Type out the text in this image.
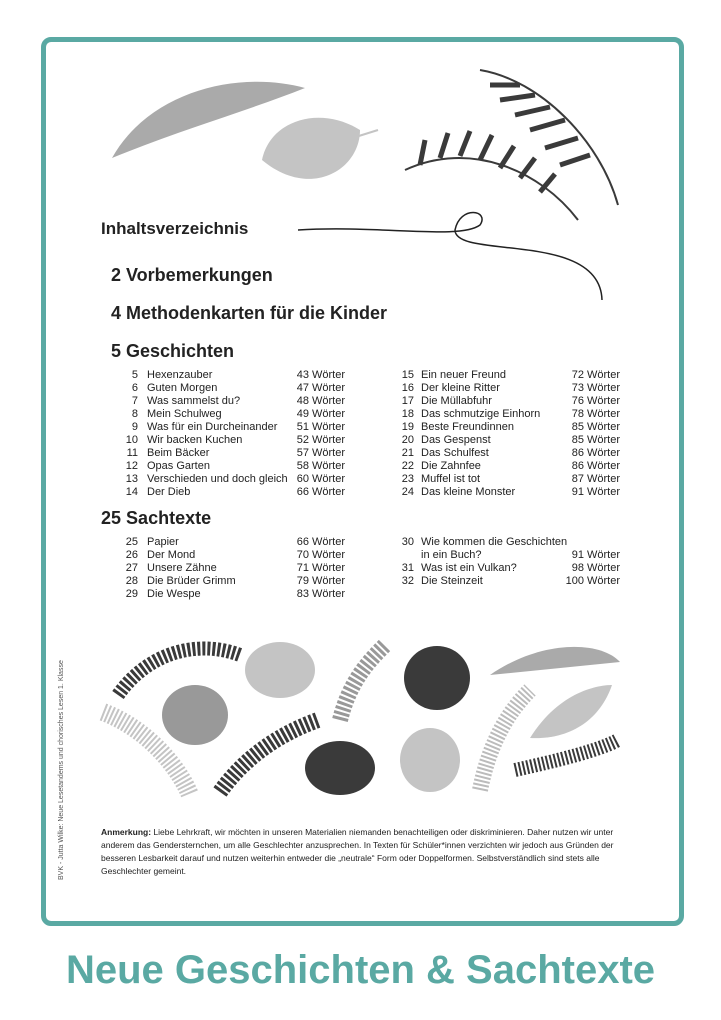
Inhaltsverzeichnis
2 Vorbemerkungen
4 Methodenkarten für die Kinder
5 Geschichten
25 Sachtexte
5 Hexenzauber	43 Wörter
6 Guten Morgen	47 Wörter
7 Was sammelst du?	48 Wörter
8 Mein Schulweg	49 Wörter
9 Was für ein Durcheinander 51 Wörter
10 Wir backen Kuchen	52 Wörter
11 Beim Bäcker	57 Wörter
12 Opas Garten	58 Wörter
13 Verschieden und doch gleich 60 Wörter
14 Der Dieb	66 Wörter
15 Ein neuer Freund	72 Wörter
16 Der kleine Ritter	73 Wörter
17 Die Müllabfuhr	76 Wörter
18 Das schmutzige Einhorn	78 Wörter
19 Beste Freundinnen	85 Wörter
20 Das Gespenst	85 Wörter
21 Das Schulfest	86 Wörter
22 Die Zahnfee	86 Wörter
23 Muffel ist tot	87 Wörter
24 Das kleine Monster	91 Wörter
25 Papier	66 Wörter
26 Der Mond	70 Wörter
27 Unsere Zähne	71 Wörter
28 Die Brüder Grimm	79 Wörter
29 Die Wespe	83 Wörter
30 Wie kommen die Geschichten
in ein Buch?	91 Wörter
31 Was ist ein Vulkan?	98 Wörter
32 Die Steinzeit	100 Wörter
Anmerkung: Liebe Lehrkraft, wir möchten in unseren Materialien niemanden benachteiligen oder diskriminieren. Daher nutzen wir unter anderem das Gendersternchen, um alle Geschlechter anzusprechen. In Texten für Schüler*innen verzichten wir jedoch aus Gründen der besseren Lesbarkeit darauf und nutzen weiterhin entweder die „neutrale“ Form oder Doppelformen. Selbstverständlich sind stets alle Geschlechter gemeint.
BVK - Jutta Wilke: Neue Lesetandems und chorisches Lesen 1. Klasse
Neue Geschichten & Sachtexte
